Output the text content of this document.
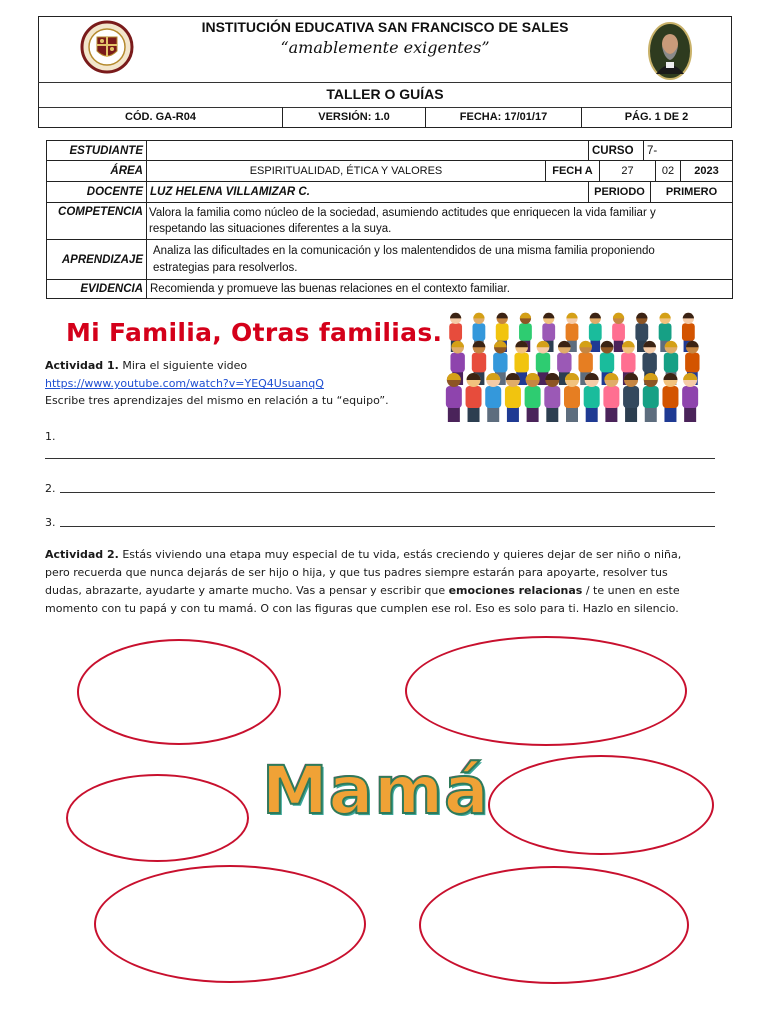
INSTITUCIÓN EDUCATIVA SAN FRANCISCO DE SALES
“amablemente exigentes”
TALLER O GUÍAS
CÓD. GA-R04	VERSIÓN: 1.0	FECHA: 17/01/17	PÁG. 1 DE 2
ESTUDIANTE	CURSO	7-
ÁREA	ESPIRITUALIDAD, ÉTICA Y VALORES	FECH A	27	02	2023
DOCENTE LUZ HELENA VILLAMIZAR C.	PERIODO	PRIMERO
COMPETENCIA Valora la familia como núcleo de la sociedad, asumiendo actitudes que enriquecen la vida familiar y
respetando las situaciones diferentes a la suya.
APRENDIZAJE
Analiza las dificultades en la comunicación y los malentendidos de una misma familia proponiendo
estrategias para resolverlos.
EVIDENCIA Recomienda y promueve las buenas relaciones en el contexto familiar.
Mi Familia, Otras familias.
Actividad 1. Mira el siguiente video
https://www.youtube.com/watch?v=YEQ4UsuanqQ
Escribe tres aprendizajes del mismo en relación a tu “equipo”.
1.
2.
3.
Actividad 2. Estás viviendo una etapa muy especial de tu vida, estás creciendo y quieres dejar de ser niño o niña,
pero recuerda que nunca dejarás de ser hijo o hija, y que tus padres siempre estarán para apoyarte, resolver tus
dudas, abrazarte, ayudarte y amarte mucho. Vas a pensar y escribir que emociones relacionas / te unen en este
momento con tu papá y con tu mamá. O con las figuras que cumplen ese rol. Eso es solo para ti. Hazlo en silencio.
Mamá
